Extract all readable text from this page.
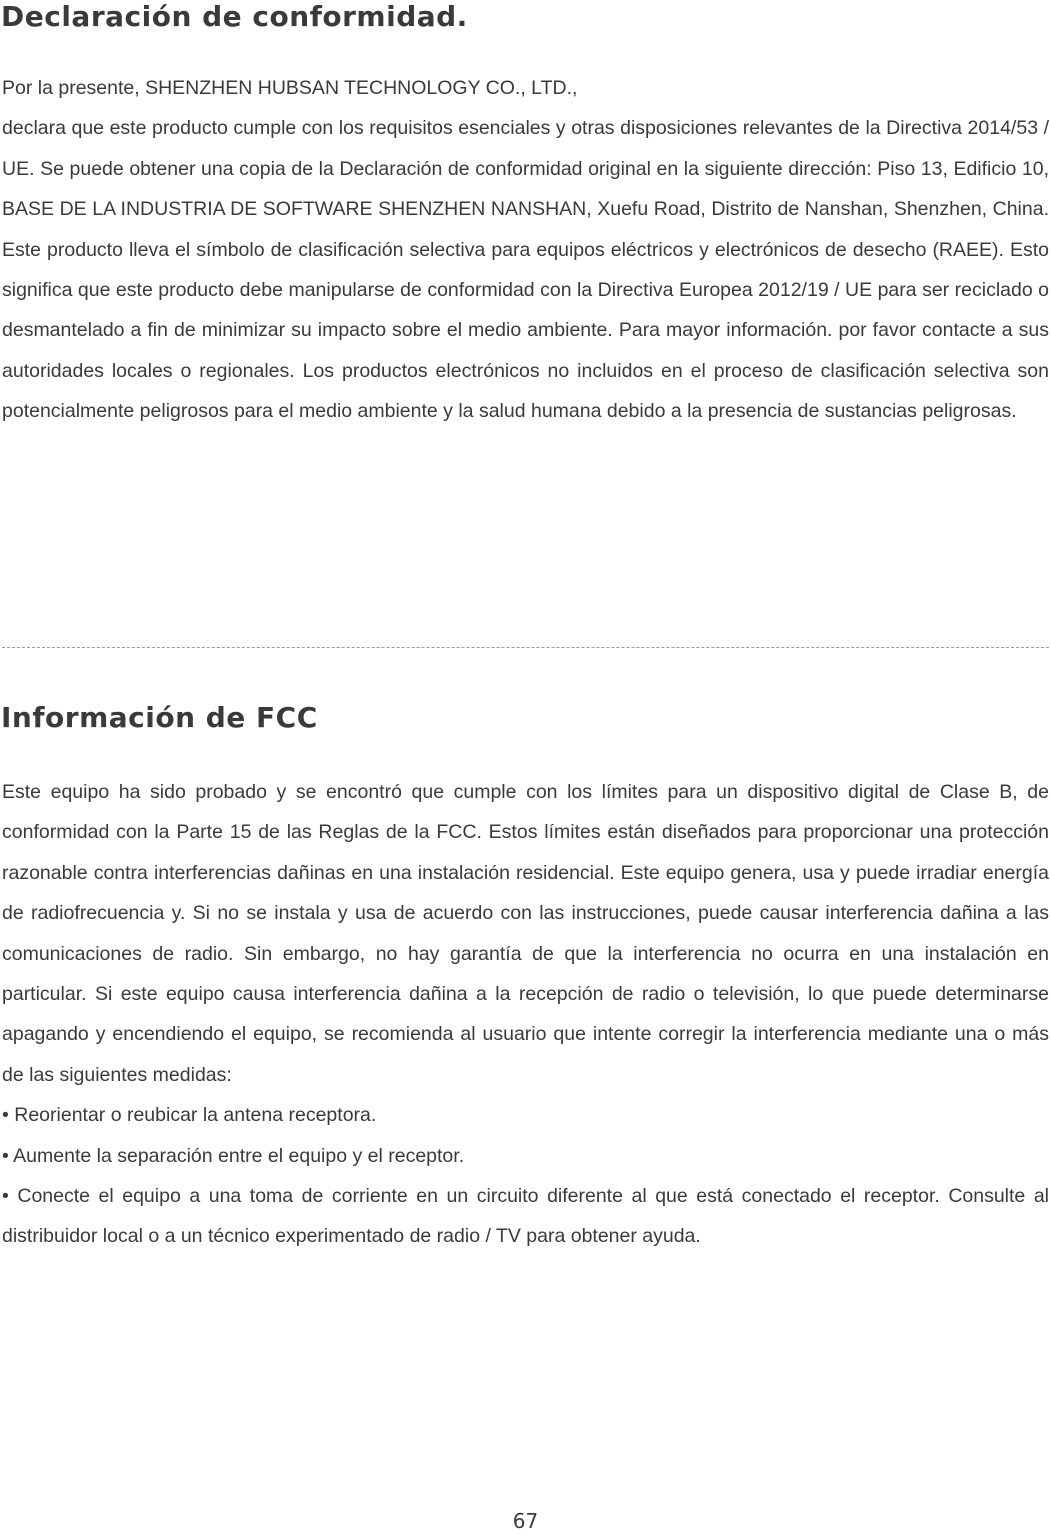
Declaración de conformidad.

Por la presente, SHENZHEN HUBSAN TECHNOLOGY CO., LTD.,

declara que este producto cumple con los requisitos esenciales y otras disposiciones relevantes de la Directiva 2014/53 / UE. Se puede obtener una copia de la Declaración de conformidad original en la siguiente dirección: Piso 13, Edificio 10, BASE DE LA INDUSTRIA DE SOFTWARE SHENZHEN NANSHAN, Xuefu Road, Distrito de Nanshan, Shenzhen, China. Este producto lleva el símbolo de clasificación selectiva para equipos eléctricos y electrónicos de desecho (RAEE). Esto significa que este producto debe manipularse de conformidad con la Directiva Europea 2012/19 / UE para ser reciclado o desmantelado a fin de minimizar su impacto sobre el medio ambiente. Para mayor información. por favor contacte a sus autoridades locales o regionales. Los productos electrónicos no incluidos en el proceso de clasificación selectiva son potencialmente peligrosos para el medio ambiente y la salud humana debido a la presencia de sustancias peligrosas.

Información de FCC

Este equipo ha sido probado y se encontró que cumple con los límites para un dispositivo digital de Clase B, de conformidad con la Parte 15 de las Reglas de la FCC. Estos límites están diseñados para proporcionar una protección razonable contra interferencias dañinas en una instalación residencial. Este equipo genera, usa y puede irradiar energía de radiofrecuencia y. Si no se instala y usa de acuerdo con las instrucciones, puede causar interferencia dañina a las comunicaciones de radio. Sin embargo, no hay garantía de que la interferencia no ocurra en una instalación en particular. Si este equipo causa interferencia dañina a la recepción de radio o televisión, lo que puede determinarse apagando y encendiendo el equipo, se recomienda al usuario que intente corregir la interferencia mediante una o más de las siguientes medidas:

• Reorientar o reubicar la antena receptora.

• Aumente la separación entre el equipo y el receptor.

• Conecte el equipo a una toma de corriente en un circuito diferente al que está conectado el receptor. Consulte al distribuidor local o a un técnico experimentado de radio / TV para obtener ayuda.

67
